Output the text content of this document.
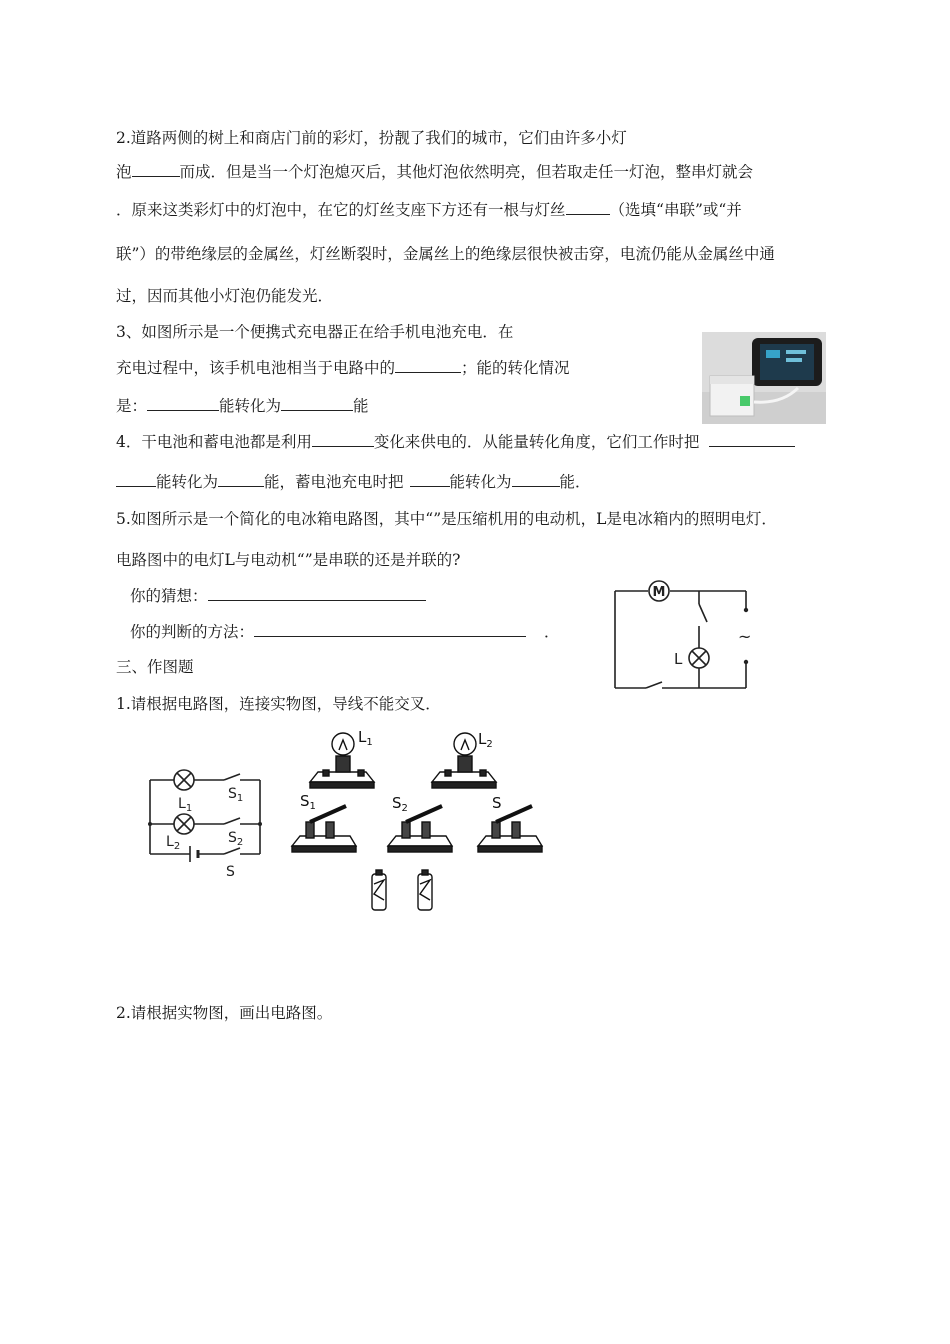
2.道路两侧的树上和商店门前的彩灯，扮靓了我们的城市，它们由许多小灯
泡	而成．但是当一个灯泡熄灭后，其他灯泡依然明亮，但若取走任一灯泡，整串灯就会
．原来这类彩灯中的灯泡中，在它的灯丝支座下方还有一根与灯丝	（选填“串联”或“并
联”）的带绝缘层的金属丝，灯丝断裂时，金属丝上的绝缘层很快被击穿，电流仍能从金属丝中通
过，因而其他小灯泡仍能发光．
3、如图所示是一个便携式充电器正在给手机电池充电．在
充电过程中，该手机电池相当于电路中的	；能的转化情况
是：	能转化为	能
4．干电池和蓄电池都是利用	变化来供电的．从能量转化角度，它们工作时把
能转化为	能，蓄电池充电时把	能转化为	能．
5.如图所示是一个简化的电冰箱电路图，其中“”是压缩机用的电动机，L是电冰箱内的照明电灯．
电路图中的电灯L与电动机“”是串联的还是并联的?
你的猜想：
你的判断的方法：	．
M
L
~
三、作图题
1.请根据电路图，连接实物图，导线不能交叉．
$L_1$
$S_1$
$L_2$
$S_2$
S
$L_1$	$L_2$
$S_1$	$S_2$	S
2.请根据实物图，画出电路图。
